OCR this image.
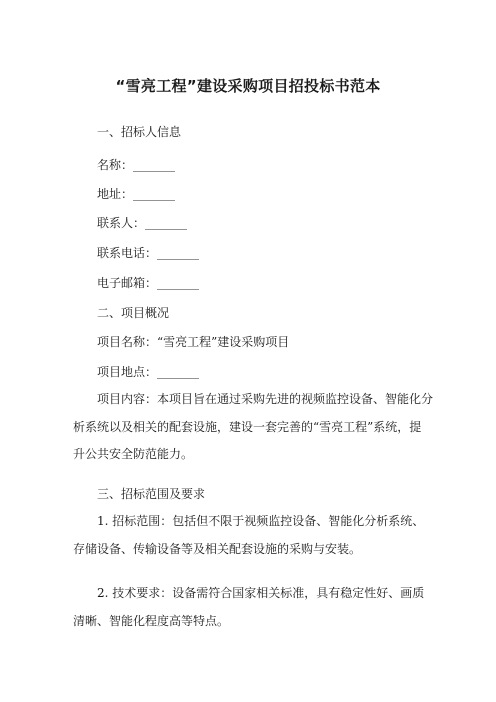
“雪亮工程”建设采购项目招投标书范本
一、招标人信息
名称：_______
地址：_______
联系人：_______
联系电话：_______
电子邮箱：_______
二、项目概况
项目名称：“雪亮工程”建设采购项目
项目地点：_______
项目内容：本项目旨在通过采购先进的视频监控设备、智能化分
析系统以及相关的配套设施，建设一套完善的“雪亮工程”系统，提
升公共安全防范能力。
三、招标范围及要求
1. 招标范围：包括但不限于视频监控设备、智能化分析系统、
存储设备、传输设备等及相关配套设施的采购与安装。
2. 技术要求：设备需符合国家相关标准，具有稳定性好、画质
清晰、智能化程度高等特点。
